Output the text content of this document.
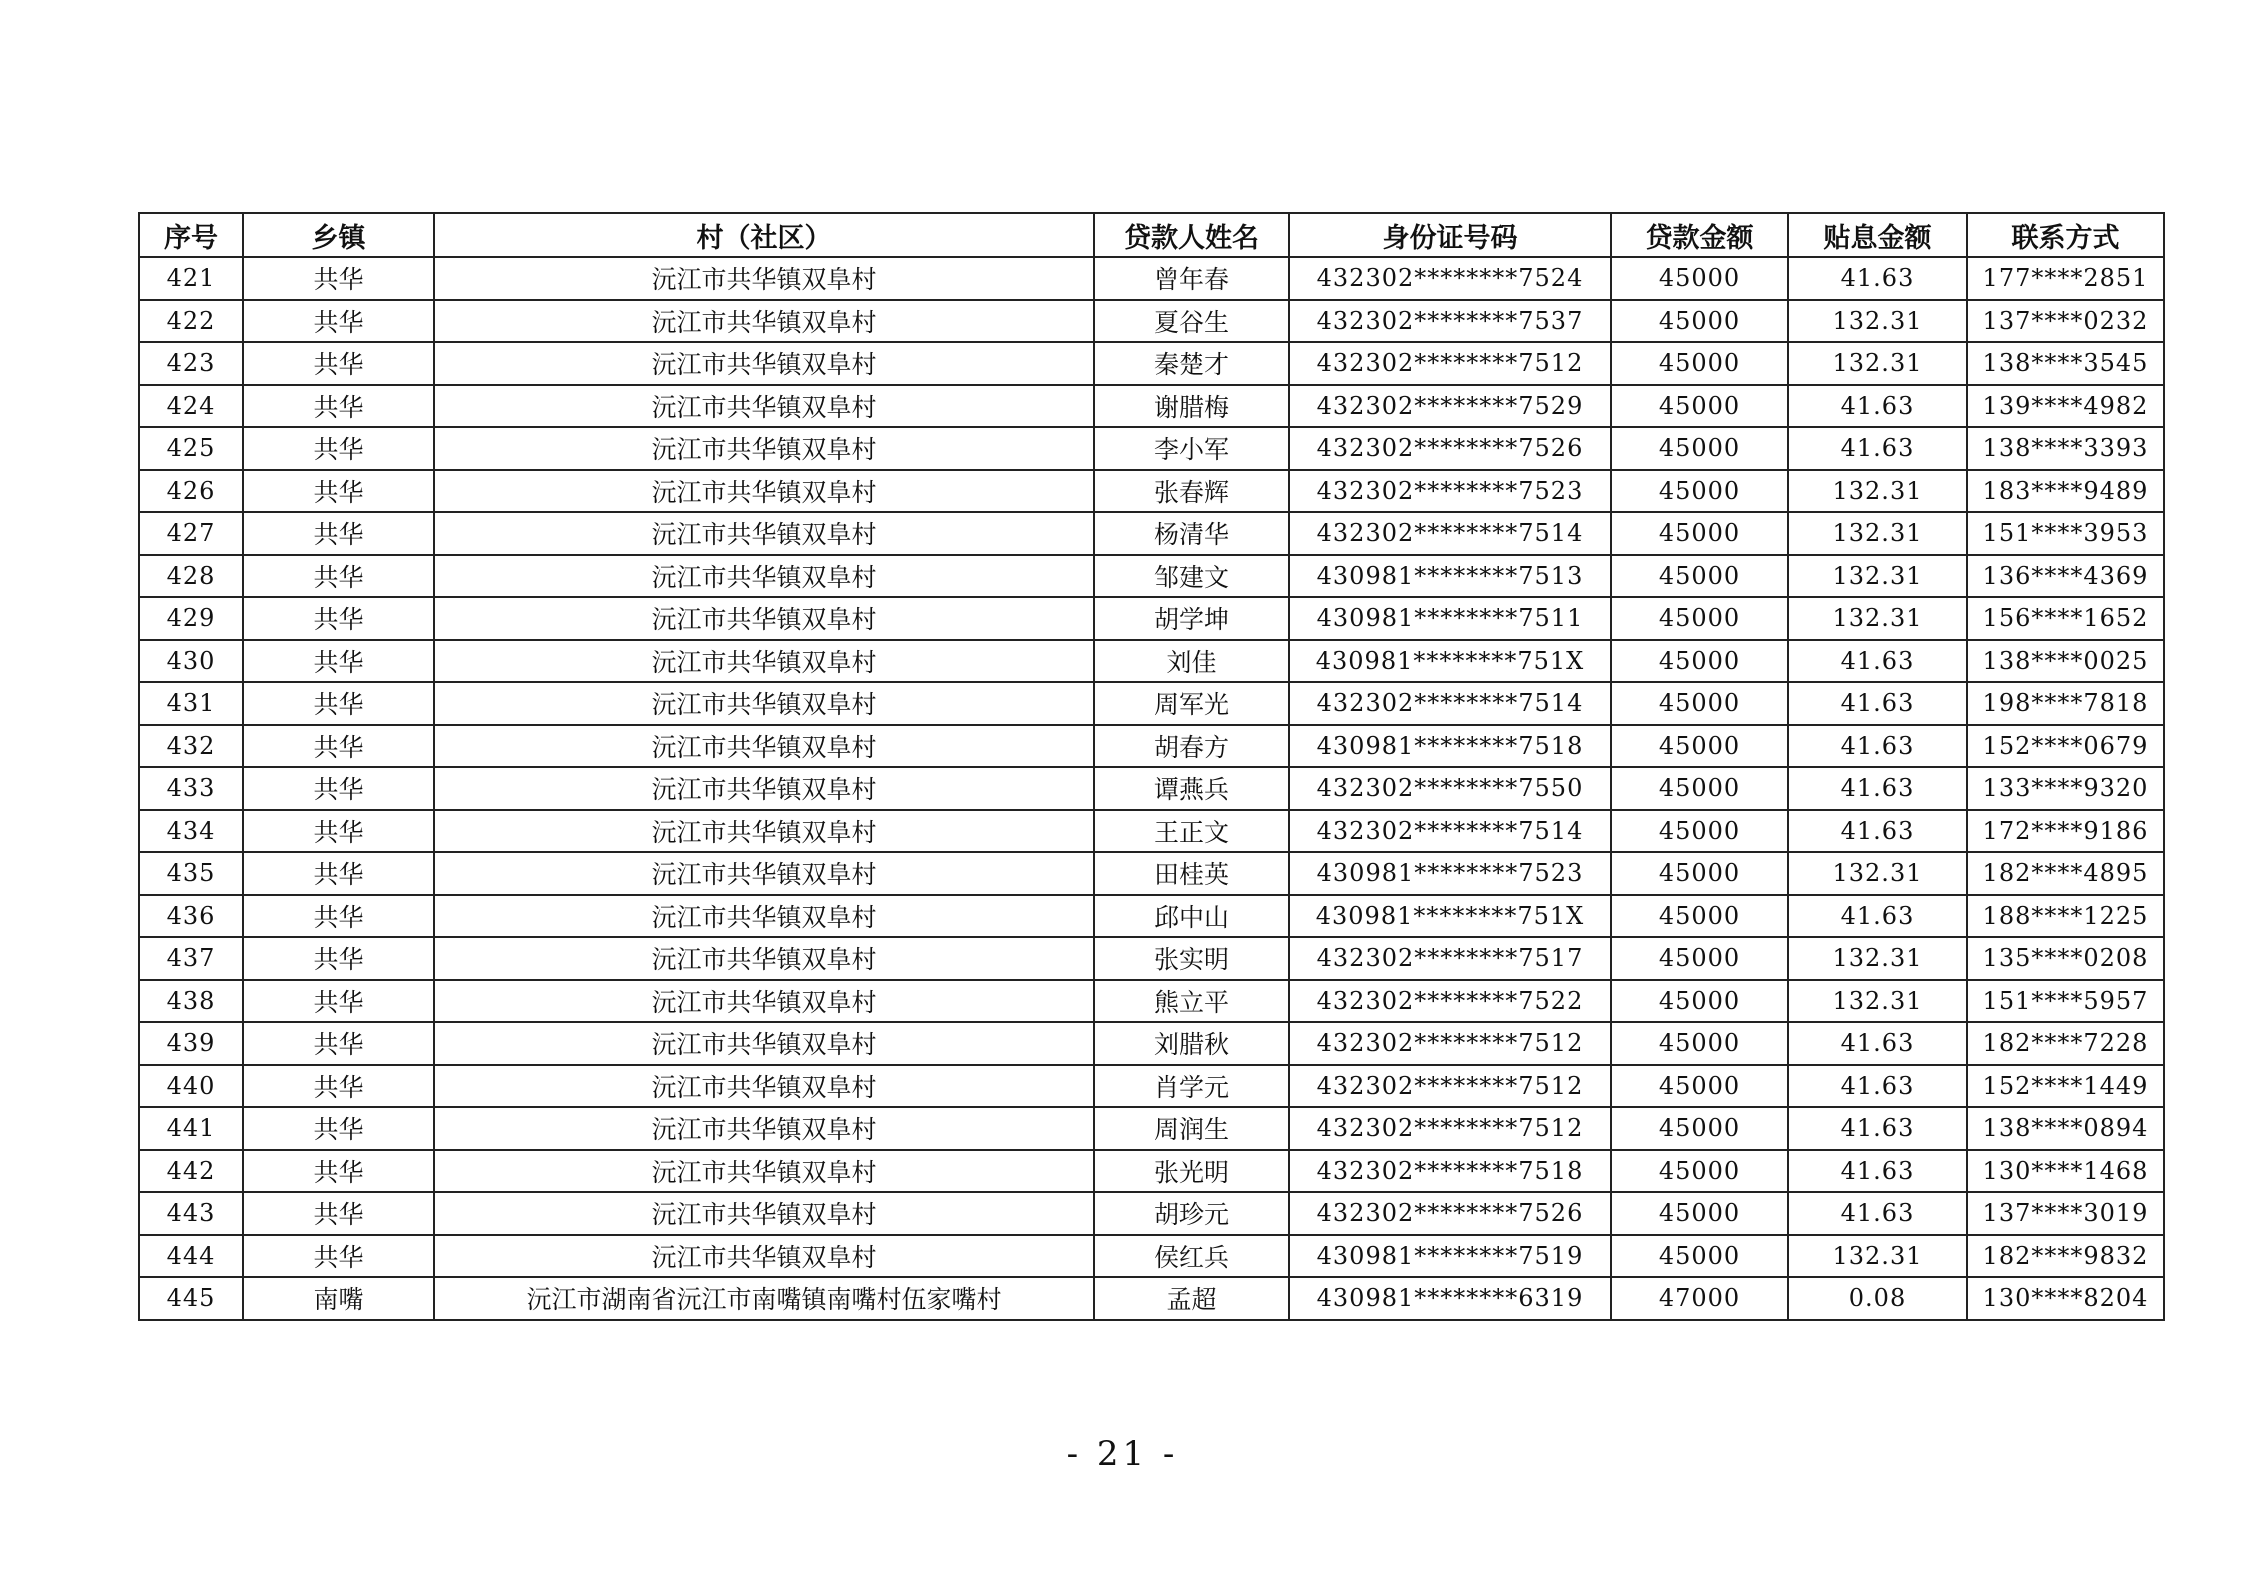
序号	乡镇	村（社区）	贷款人姓名	身份证号码	贷款金额	贴息金额	联系方式
421	共华	沅江市共华镇双阜村	曾年春	432302********7524	45000	41.63	177****2851
422	共华	沅江市共华镇双阜村	夏谷生	432302********7537	45000	132.31	137****0232
423	共华	沅江市共华镇双阜村	秦楚才	432302********7512	45000	132.31	138****3545
424	共华	沅江市共华镇双阜村	谢腊梅	432302********7529	45000	41.63	139****4982
425	共华	沅江市共华镇双阜村	李小军	432302********7526	45000	41.63	138****3393
426	共华	沅江市共华镇双阜村	张春辉	432302********7523	45000	132.31	183****9489
427	共华	沅江市共华镇双阜村	杨清华	432302********7514	45000	132.31	151****3953
428	共华	沅江市共华镇双阜村	邹建文	430981********7513	45000	132.31	136****4369
429	共华	沅江市共华镇双阜村	胡学坤	430981********7511	45000	132.31	156****1652
430	共华	沅江市共华镇双阜村	刘佳	430981********751X	45000	41.63	138****0025
431	共华	沅江市共华镇双阜村	周军光	432302********7514	45000	41.63	198****7818
432	共华	沅江市共华镇双阜村	胡春方	430981********7518	45000	41.63	152****0679
433	共华	沅江市共华镇双阜村	谭燕兵	432302********7550	45000	41.63	133****9320
434	共华	沅江市共华镇双阜村	王正文	432302********7514	45000	41.63	172****9186
435	共华	沅江市共华镇双阜村	田桂英	430981********7523	45000	132.31	182****4895
436	共华	沅江市共华镇双阜村	邱中山	430981********751X	45000	41.63	188****1225
437	共华	沅江市共华镇双阜村	张实明	432302********7517	45000	132.31	135****0208
438	共华	沅江市共华镇双阜村	熊立平	432302********7522	45000	132.31	151****5957
439	共华	沅江市共华镇双阜村	刘腊秋	432302********7512	45000	41.63	182****7228
440	共华	沅江市共华镇双阜村	肖学元	432302********7512	45000	41.63	152****1449
441	共华	沅江市共华镇双阜村	周润生	432302********7512	45000	41.63	138****0894
442	共华	沅江市共华镇双阜村	张光明	432302********7518	45000	41.63	130****1468
443	共华	沅江市共华镇双阜村	胡珍元	432302********7526	45000	41.63	137****3019
444	共华	沅江市共华镇双阜村	侯红兵	430981********7519	45000	132.31	182****9832
445	南嘴	沅江市湖南省沅江市南嘴镇南嘴村伍家嘴村	孟超	430981********6319	47000	0.08	130****8204
- 21 -
